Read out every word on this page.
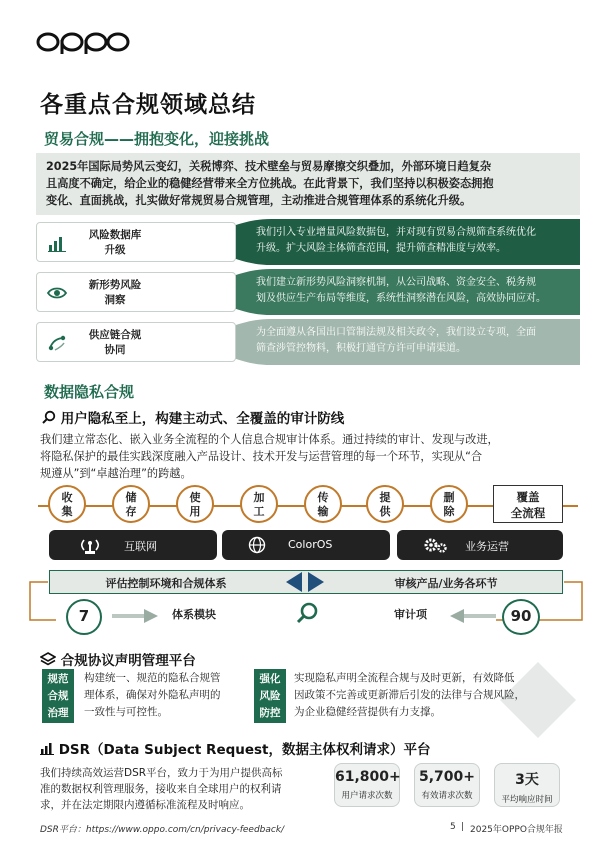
各重点合规领域总结
贸易合规——拥抱变化，迎接挑战
2025年国际局势风云变幻，关税博弈、技术壁垒与贸易摩擦交织叠加，外部环境日趋复杂
且高度不确定，给企业的稳健经营带来全方位挑战。在此背景下，我们坚持以积极姿态拥抱
变化、直面挑战，扎实做好常规贸易合规管理，主动推进合规管理体系的系统化升级。
风险数据库
升级
我们引入专业增量风险数据包，并对现有贸易合规筛查系统优化
升级。扩大风险主体筛查范围，提升筛查精准度与效率。
新形势风险
洞察
我们建立新形势风险洞察机制，从公司战略、资金安全、税务规
划及供应生产布局等维度，系统性洞察潜在风险，高效协同应对。
供应链合规
协同
为全面遵从各国出口管制法规及相关政令，我们设立专项，全面
筛查涉管控物料，积极打通官方许可申请渠道。
数据隐私合规
用户隐私至上，构建主动式、全覆盖的审计防线
我们建立常态化、嵌入业务全流程的个人信息合规审计体系。通过持续的审计、发现与改进，
将隐私保护的最佳实践深度融入产品设计、技术开发与运营管理的每一个环节，实现从“合
规遵从”到“卓越治理”的跨越。
收
集
储
存
使
用
加
工
传
输
提
供
删
除
覆盖
全流程
互联网	ColorOS	业务运营
评估控制环境和合规体系	审核产品/业务各环节
7	体系模块	审计项	90
合规协议声明管理平台
规范
合规
治理
构建统一、规范的隐私合规管
理体系，确保对外隐私声明的
一致性与可控性。
强化
风险
防控
实现隐私声明全流程合规与及时更新，有效降低
因政策不完善或更新滞后引发的法律与合规风险，
为企业稳健经营提供有力支撑。
DSR（Data Subject Request，数据主体权利请求）平台
我们持续高效运营DSR平台，致力于为用户提供高标
准的数据权利管理服务，接收来自全球用户的权利请
求，并在法定期限内遵循标准流程及时响应。
61,800+
用户请求次数
5,700+
有效请求次数
3天
平均响应时间
DSR平台：https://www.oppo.com/cn/privacy-feedback/	5 | 2025年OPPO合规年报
